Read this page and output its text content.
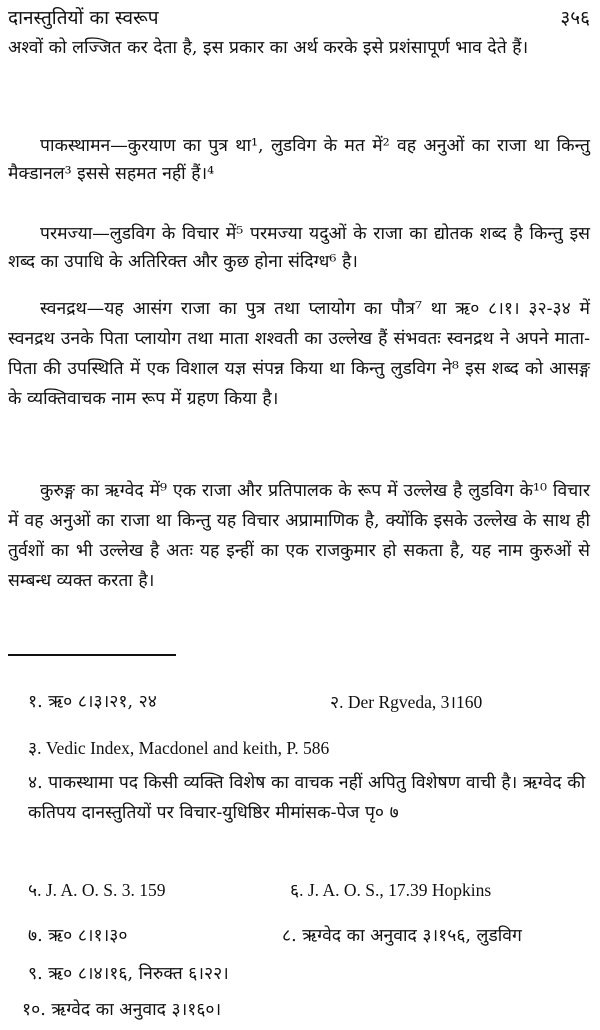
दानस्तुतियों का स्वरूप	३५६

अश्वों को लज्जित कर देता है, इस प्रकार का अर्थ करके इसे प्रशंसापूर्ण भाव देते हैं।

पाकस्थामन—कुरयाण का पुत्र था¹, लुडविग के मत में² वह अनुओं का राजा था किन्तु मैक्डानल³ इससे सहमत नहीं हैं।⁴

परमज्या—लुडविग के विचार में⁵ परमज्या यदुओं के राजा का द्योतक शब्द है किन्तु इस शब्द का उपाधि के अतिरिक्त और कुछ होना संदिग्ध⁶ है।

स्वनद्रथ—यह आसंग राजा का पुत्र तथा प्लायोग का पौत्र⁷ था ऋ० ८।१। ३२-३४ में स्वनद्रथ उनके पिता प्लायोग तथा माता शश्वती का उल्लेख हैं संभवतः स्वनद्रथ ने अपने माता-पिता की उपस्थिति में एक विशाल यज्ञ संपन्न किया था किन्तु लुडविग ने⁸ इस शब्द को आसङ्ग के व्यक्तिवाचक नाम रूप में ग्रहण किया है।

कुरुङ्ग का ऋग्वेद में⁹ एक राजा और प्रतिपालक के रूप में उल्लेख है लुडविग के¹⁰ विचार में वह अनुओं का राजा था किन्तु यह विचार अप्रामाणिक है, क्योंकि इसके उल्लेख के साथ ही तुर्वशों का भी उल्लेख है अतः यह इन्हीं का एक राजकुमार हो सकता है, यह नाम कुरुओं से सम्बन्ध व्यक्त करता है।

१. ऋ० ८।३।२१, २४	२. Der Rgveda, 3।160
३. Vedic Index, Macdonel and keith, P. 586
४. पाकस्थामा पद किसी व्यक्ति विशेष का वाचक नहीं अपितु विशेषण वाची है। ऋग्वेद की कतिपय दानस्तुतियों पर विचार-युधिष्ठिर मीमांसक-पेज पृ० ७
५. J. A. O. S. 3. 159	६. J. A. O. S., 17.39 Hopkins
७. ऋ० ८।१।३०	८. ऋग्वेद का अनुवाद ३।१५६, लुडविग
९. ऋ० ८।४।१६, निरुक्त ६।२२।
१०. ऋग्वेद का अनुवाद ३।१६०।
